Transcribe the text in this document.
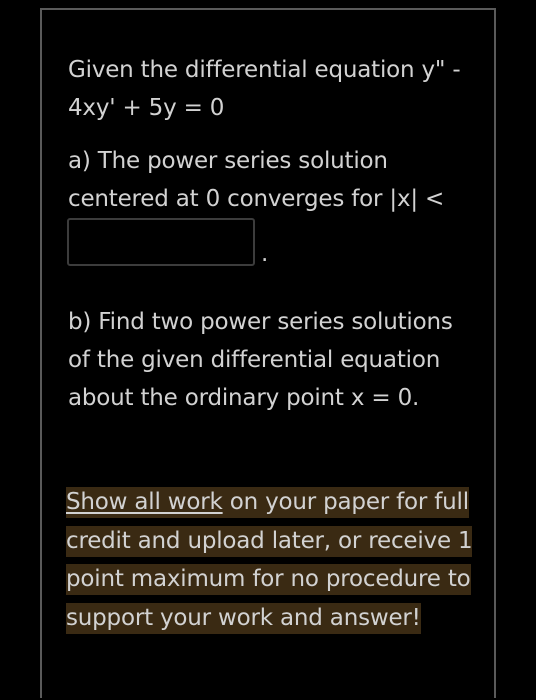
Given the differential equation y" -
4xy' + 5y = 0
a) The power series solution
centered at 0 converges for |x| <
.
b) Find two power series solutions
of the given differential equation
about the ordinary point x = 0.
Show all work on your paper for full
credit and upload later, or receive 1
point maximum for no procedure to
support your work and answer!
